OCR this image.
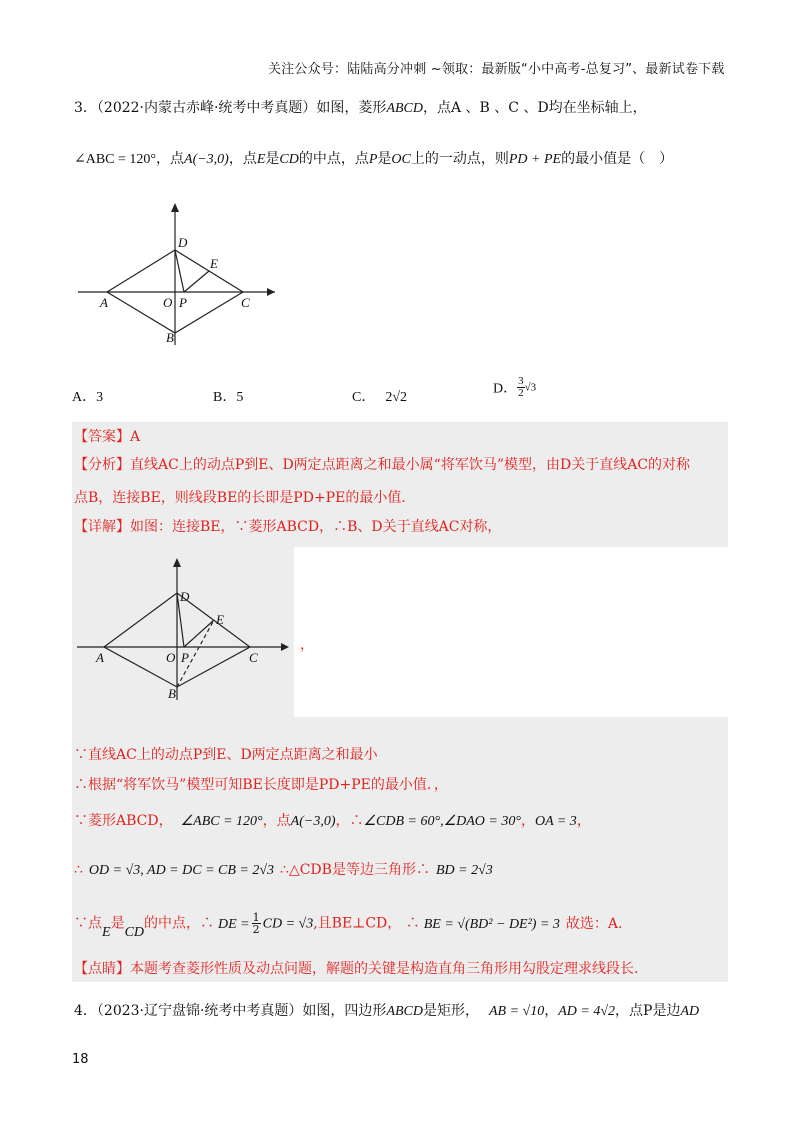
关注公众号：陆陆高分冲刺 ~领取：最新版“小中高考-总复习”、最新试卷下载
3．（2022·内蒙古赤峰·统考中考真题）如图，菱形ABCD，点A 、B 、C 、D均在坐标轴上，
∠ABC = 120°，点A(−3,0)，点E是CD的中点，点P是OC上的一动点，则PD + PE的最小值是（　）
D
E
A	O P	C
B
A．3	B．5	C． 2√2
D． $\frac{3}{2} √3$
【答案】A
【分析】直线AC上的动点P到E、D两定点距离之和最小属“将军饮马”模型，由D关于直线AC的对称
点B，连接BE，则线段BE的长即是PD+PE的最小值．
【详解】如图：连接BE，∵菱形ABCD，∴B、D关于直线AC对称，
D
E
A	O P	C
B
，
∵直线AC上的动点P到E、D两定点距离之和最小
∴根据“将军饮马”模型可知BE长度即是PD+PE的最小值．，
∵菱形ABCD， ∠ABC = 120°，点A(−3,0)，∴∠CDB = 60°,∠DAO = 30°，OA = 3，
∴ OD = √3, AD = DC = CB = 2√3 ∴△CDB是等边三角形∴ BD = 2√3
∵点E是CD的中点，∴ DE = $\frac{1}{2}$ CD = √3,且BE⊥CD， ∴ BE = √(BD² − DE²) = 3 故选：A.
【点睛】本题考查菱形性质及动点问题，解题的关键是构造直角三角形用勾股定理求线段长.
4．（2023·辽宁盘锦·统考中考真题）如图，四边形ABCD是矩形， AB = √10，AD = 4√2，点P是边AD
18
